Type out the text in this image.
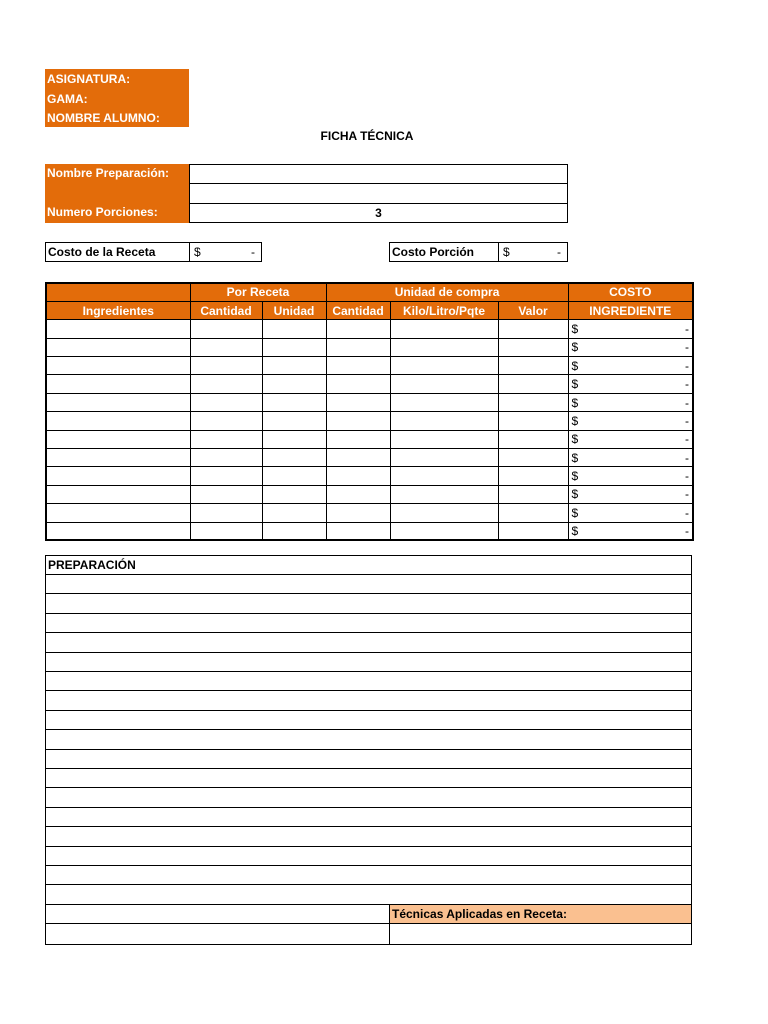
ASIGNATURA:
GAMA:
NOMBRE ALUMNO:
FICHA TÉCNICA
Nombre Preparación:
Numero Porciones:	3
Costo de la Receta	$	-	Costo Porción	$	-
	Por Receta		Unidad de compra			COSTO
Ingredientes	Cantidad	Unidad	Cantidad	Kilo/Litro/Pqte	Valor	INGREDIENTE

						$ -

						$ -

						$ -

						$ -

						$ -

						$ -

						$ -

						$ -

						$ -

						$ -

						$ -

						$ -
PREPARACIÓN
Técnicas Aplicadas en Receta:
